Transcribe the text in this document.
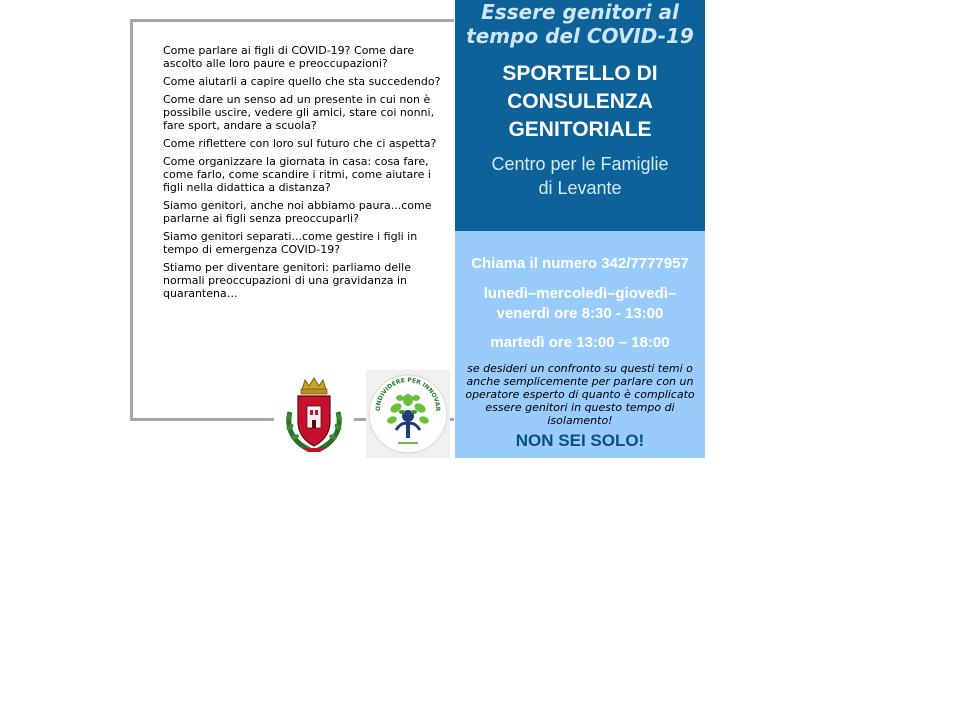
Come parlare ai figli di COVID-19? Come dare ascolto alle loro paure e preoccupazioni?

Come aiutarli a capire quello che sta succedendo?

Come dare un senso ad un presente in cui non è possibile uscire, vedere gli amici, stare coi nonni, fare sport, andare a scuola?

Come riflettere con loro sul futuro che ci aspetta?

Come organizzare la giornata in casa: cosa fare, come farlo, come scandire i ritmi, come aiutare i figli nella didattica a distanza?

Siamo genitori, anche noi abbiamo paura...come parlarne ai figli senza preoccuparli?

Siamo genitori separati...come gestire i figli in tempo di emergenza COVID-19?

Stiamo per diventare genitori: parliamo delle normali preoccupazioni di una gravidanza in quarantena…

ONDIVIDERE PER INNOVAR
Essere genitori al
tempo del COVID-19
SPORTELLO DI
CONSULENZA
GENITORIALE
Centro per le Famiglie
di Levante
Chiama il numero 342/7777957
lunedì–mercoledì–giovedì–
venerdì ore 8:30 - 13:00
martedì ore 13:00 – 18:00
se desideri un confronto su questi temi o anche semplicemente per parlare con un operatore esperto di quanto è complicato essere genitori in questo tempo di isolamento!
NON SEI SOLO!
